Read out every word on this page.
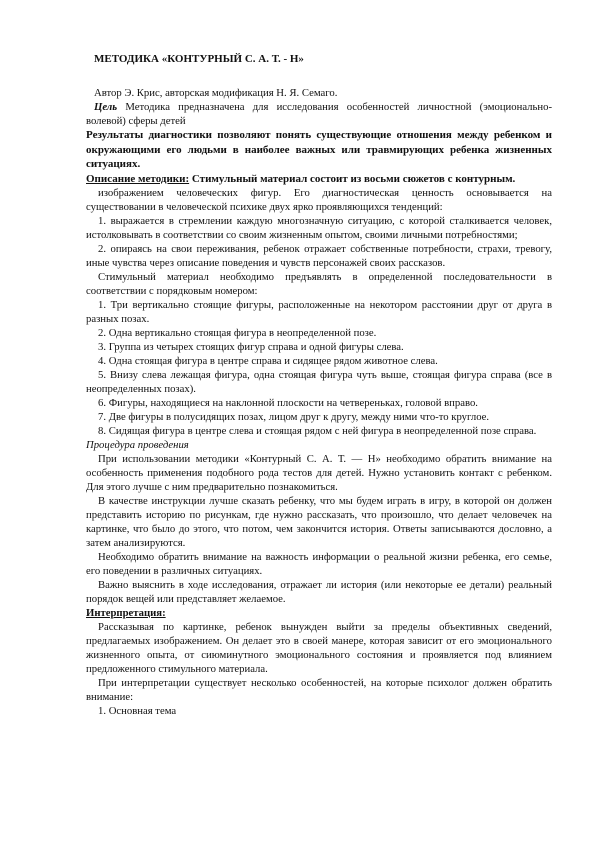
МЕТОДИКА «КОНТУРНЫЙ С. А. Т. - Н»

Автор Э. Крис, авторская модификация Н. Я. Семаго.

Цель Методика предназначена для исследования особенностей личностной (эмоционально- волевой) сферы детей

Результаты диагностики позволяют понять существующие отношения между ребенком и окружающими его людьми в наиболее важных или травмирующих ребенка жизненных ситуациях.

Описание методики: Стимульный материал состоит из восьми сюжетов с контурным.

изображением человеческих фигур. Его диагностическая ценность основывается на существовании в человеческой психике двух ярко проявляющихся тенденций:

1. выражается в стремлении каждую многозначную ситуацию, с которой сталкивается человек, истолковывать в соответствии со своим жизненным опытом, своими личными потребностями;

2. опираясь на свои переживания, ребенок отражает собственные потребности, страхи, тревогу, иные чувства через описание поведения и чувств персонажей своих рассказов.

Стимульный материал необходимо предъявлять в определенной последовательности в соответствии с порядковым номером:

1. Три вертикально стоящие фигуры, расположенные на некотором расстоянии друг от друга в разных позах.

2. Одна вертикально стоящая фигура в неопределенной позе.

3. Группа из четырех стоящих фигур справа и одной фигуры слева.

4. Одна стоящая фигура в центре справа и сидящее рядом животное слева.

5. Внизу слева лежащая фигура, одна стоящая фигура чуть выше, стоящая фигура справа (все в неопределенных позах).

6. Фигуры, находящиеся на наклонной плоскости на четвереньках, головой вправо.

7. Две фигуры в полусидящих позах, лицом друг к другу, между ними что-то круглое.

8. Сидящая фигура в центре слева и стоящая рядом с ней фигура в неопределенной позе справа.

Процедура проведения

При использовании методики «Контурный С. А. Т. — Н» необходимо обратить внимание на особенность применения подобного рода тестов для детей. Нужно установить контакт с ребенком. Для этого лучше с ним предварительно познакомиться.

В качестве инструкции лучше сказать ребенку, что мы будем играть в игру, в которой он должен представить историю по рисункам, где нужно рассказать, что произошло, что делает человечек на картинке, что было до этого, что потом, чем закончится история. Ответы записываются дословно, а затем анализируются.

Необходимо обратить внимание на важность информации о реальной жизни ребенка, его семье, его поведении в различных ситуациях.

Важно выяснить в ходе исследования, отражает ли история (или некоторые ее детали) реальный порядок вещей или представляет желаемое.

Интерпретация:

Рассказывая по картинке, ребенок вынужден выйти за пределы объективных сведений, предлагаемых изображением. Он делает это в своей манере, которая зависит от его эмоционального жизненного опыта, от сиюминутного эмоционального состояния и проявляется под влиянием предложенного стимульного материала.

При интерпретации существует несколько особенностей, на которые психолог должен обратить внимание:

1. Основная тема
